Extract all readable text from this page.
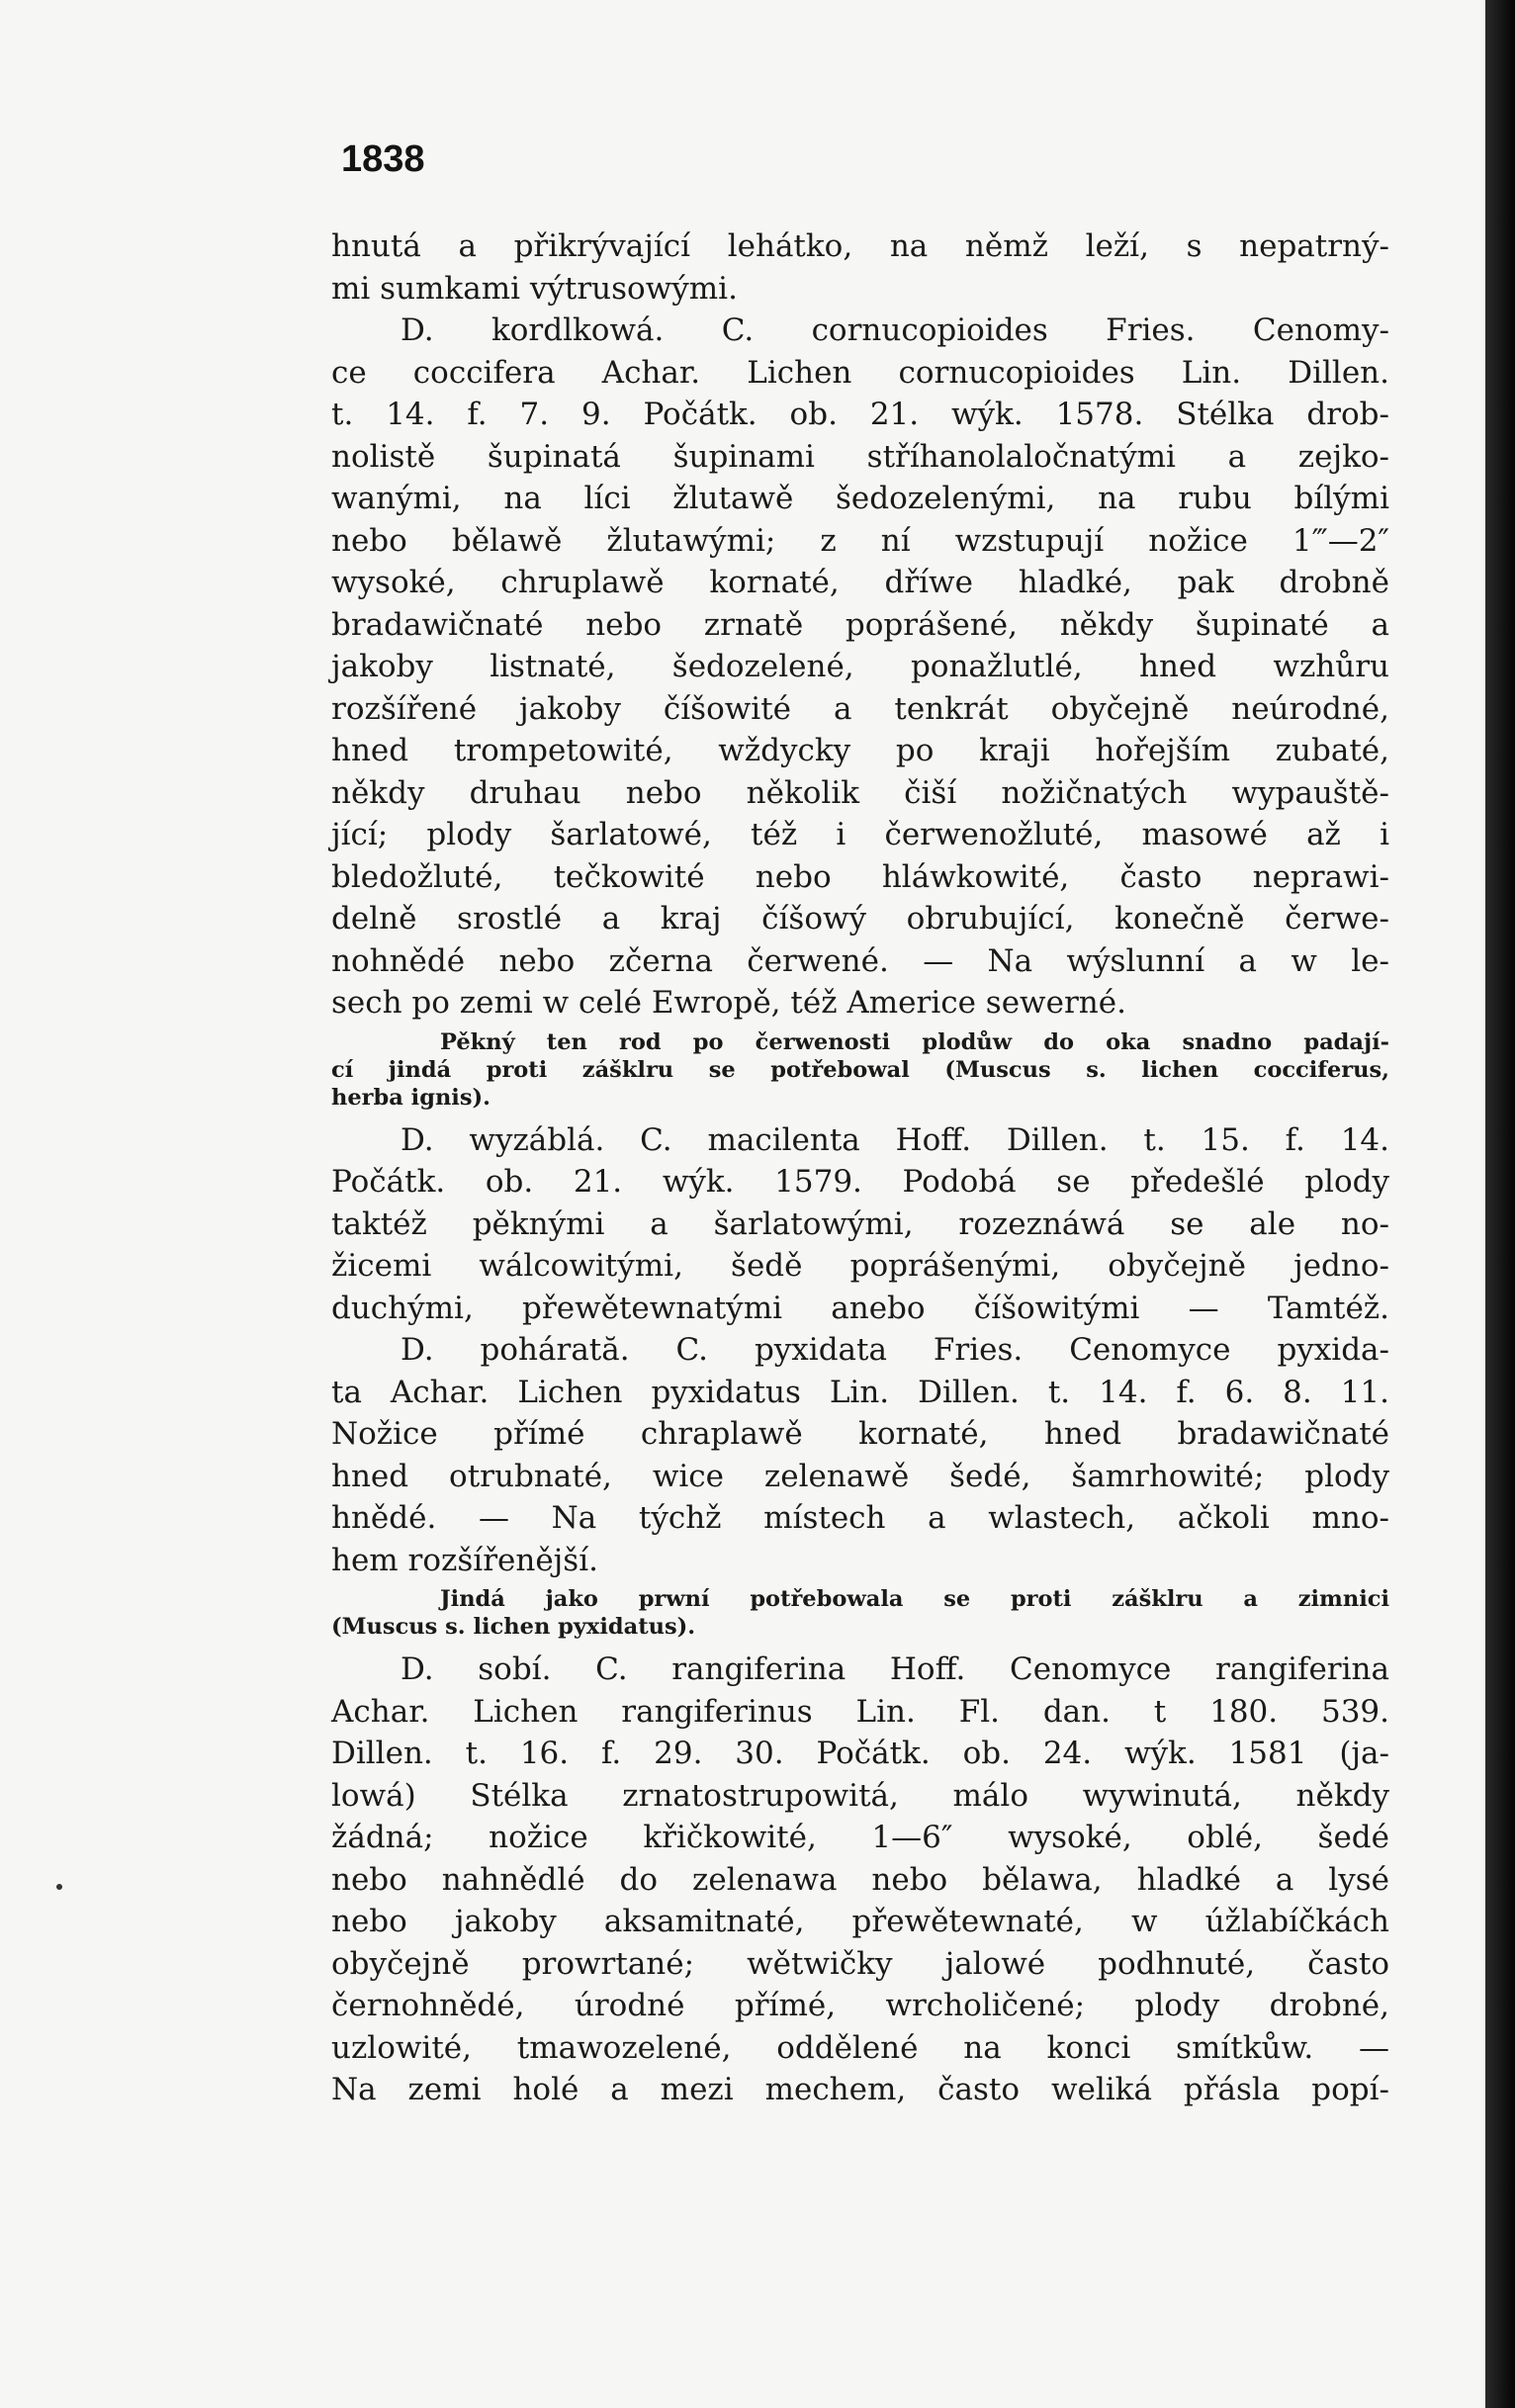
1838
hnutá a přikrývající lehátko, na němž leží, s nepatrný-
mi sumkami výtrusowými.
D. kordlkowá. C. cornucopioides Fries. Cenomy-
ce coccifera Achar. Lichen cornucopioides Lin. Dillen.
t. 14. f. 7. 9. Počátk. ob. 21. wýk. 1578. Stélka drob-
nolistě šupinatá šupinami stříhanolaločnatými a zejko-
wanými, na líci žlutawě šedozelenými, na rubu bílými
nebo bělawě žlutawými; z ní wzstupují nožice 1‴—2″
wysoké, chruplawě kornaté, dříwe hladké, pak drobně
bradawičnaté nebo zrnatě poprášené, někdy šupinaté a
jakoby listnaté, šedozelené, ponažlutlé, hned wzhůru
rozšířené jakoby číšowité a tenkrát obyčejně neúrodné,
hned trompetowité, wždycky po kraji hořejším zubaté,
někdy druhau nebo několik čiší nožičnatých wypauště-
jící; plody šarlatowé, též i čerwenožluté, masowé až i
bledožluté, tečkowité nebo hláwkowité, často neprawi-
delně srostlé a kraj číšowý obrubující, konečně čerwe-
nohnědé nebo zčerna čerwené. — Na wýslunní a w le-
sech po zemi w celé Ewropě, též Americe sewerné.
Pěkný ten rod po čerwenosti plodůw do oka snadno padají-
cí jindá proti zášklru se potřebowal (Muscus s. lichen cocciferus,
herba ignis).
D. wyzáblá. C. macilenta Hoff. Dillen. t. 15. f. 14.
Počátk. ob. 21. wýk. 1579. Podobá se předešlé plody
taktéž pěknými a šarlatowými, rozeznáwá se ale no-
žicemi wálcowitými, šedě poprášenými, obyčejně jedno-
duchými, přewětewnatými anebo číšowitými — Tamtéž.
D. pohárată. C. pyxidata Fries. Cenomyce pyxida-
ta Achar. Lichen pyxidatus Lin. Dillen. t. 14. f. 6. 8. 11.
Nožice přímé chraplawě kornaté, hned bradawičnaté
hned otrubnaté, wice zelenawě šedé, šamrhowité; plody
hnědé. — Na týchž místech a wlastech, ačkoli mno-
hem rozšířenější.
Jindá jako prwní potřebowala se proti zášklru a zimnici
(Muscus s. lichen pyxidatus).
D. sobí. C. rangiferina Hoff. Cenomyce rangiferina
Achar. Lichen rangiferinus Lin. Fl. dan. t 180. 539.
Dillen. t. 16. f. 29. 30. Počátk. ob. 24. wýk. 1581 (ja-
lowá) Stélka zrnatostrupowitá, málo wywinutá, někdy
žádná; nožice křičkowité, 1—6″ wysoké, oblé, šedé
nebo nahnědlé do zelenawa nebo bělawa, hladké a lysé
nebo jakoby aksamitnaté, přewětewnaté, w úžlabíčkách
obyčejně prowrtané; wětwičky jalowé podhnuté, často
černohnědé, úrodné přímé, wrcholičené; plody drobné,
uzlowité, tmawozelené, oddělené na konci smítkůw. —
Na zemi holé a mezi mechem, často weliká přásla popí-
